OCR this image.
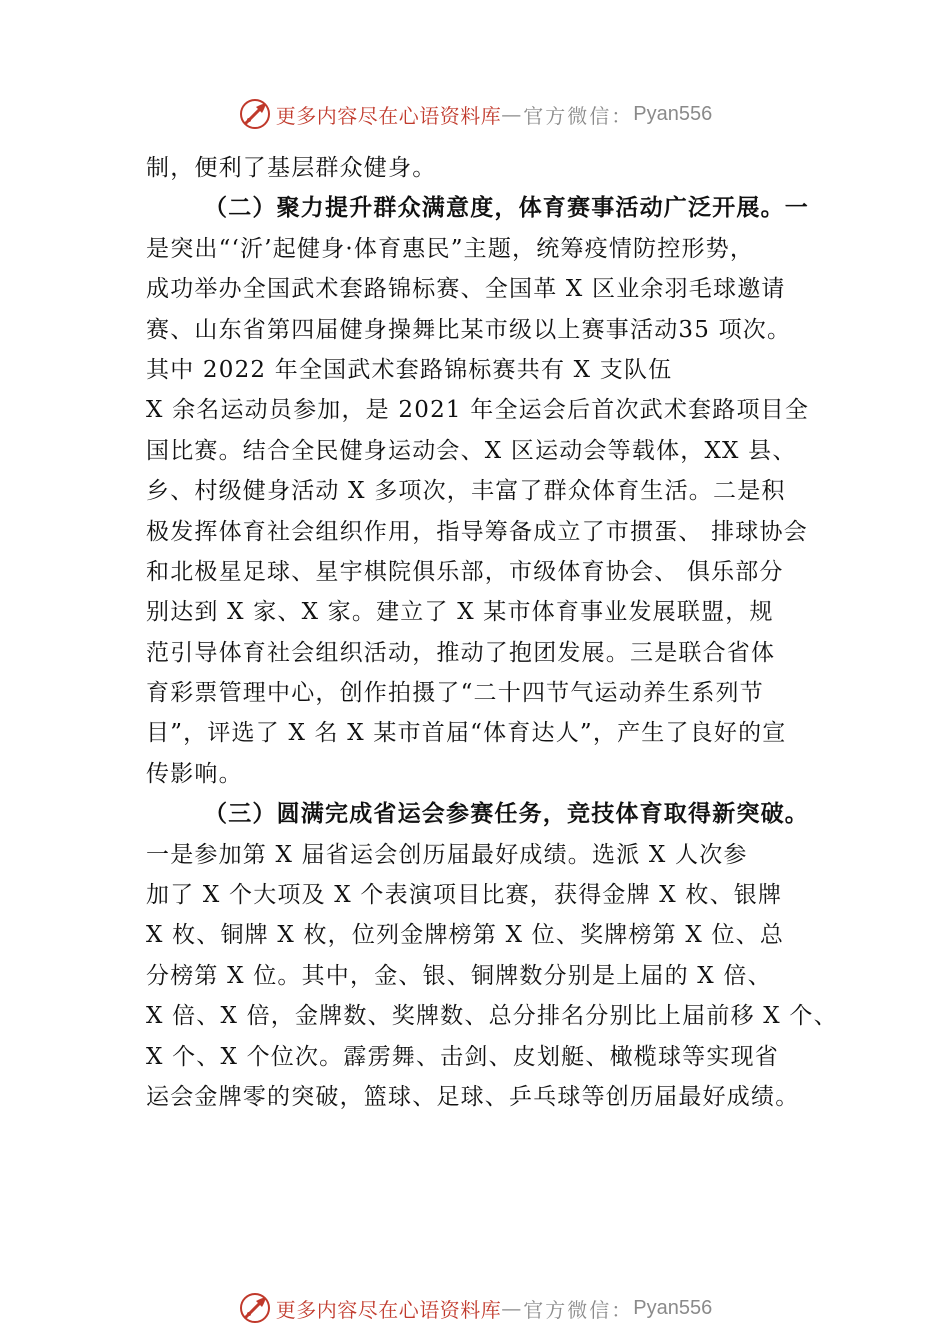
更多内容尽在心语资料库 — 官方微信： Pyan556
制，便利了基层群众健身。
（二）聚力提升群众满意度，体育赛事活动广泛开展。一
是突出“‘沂’起健身·体育惠民”主题，统筹疫情防控形势，
成功举办全国武术套路锦标赛、全国革 X 区业余羽毛球邀请
赛、山东省第四届健身操舞比某市级以上赛事活动35 项次。
其中 2022 年全国武术套路锦标赛共有 X 支队伍
X 余名运动员参加，是 2021 年全运会后首次武术套路项目全
国比赛。结合全民健身运动会、X 区运动会等载体，XX 县、
乡、村级健身活动 X 多项次，丰富了群众体育生活。二是积
极发挥体育社会组织作用，指导筹备成立了市掼蛋、 排球协会
和北极星足球、星宇棋院俱乐部，市级体育协会、 俱乐部分
别达到 X 家、X 家。建立了 X 某市体育事业发展联盟，规
范引导体育社会组织活动，推动了抱团发展。三是联合省体
育彩票管理中心，创作拍摄了“二十四节气运动养生系列节
目”，评选了 X 名 X 某市首届“体育达人”，产生了良好的宣
传影响。
（三）圆满完成省运会参赛任务，竞技体育取得新突破。
一是参加第 X 届省运会创历届最好成绩。选派 X 人次参
加了 X 个大项及 X 个表演项目比赛，获得金牌 X 枚、银牌
X 枚、铜牌 X 枚，位列金牌榜第 X 位、奖牌榜第 X 位、总
分榜第 X 位。其中，金、银、铜牌数分别是上届的 X 倍、
X 倍、X 倍，金牌数、奖牌数、总分排名分别比上届前移 X 个、
X 个、X 个位次。霹雳舞、击剑、皮划艇、橄榄球等实现省
运会金牌零的突破，篮球、足球、乒乓球等创历届最好成绩。
更多内容尽在心语资料库 — 官方微信： Pyan556
